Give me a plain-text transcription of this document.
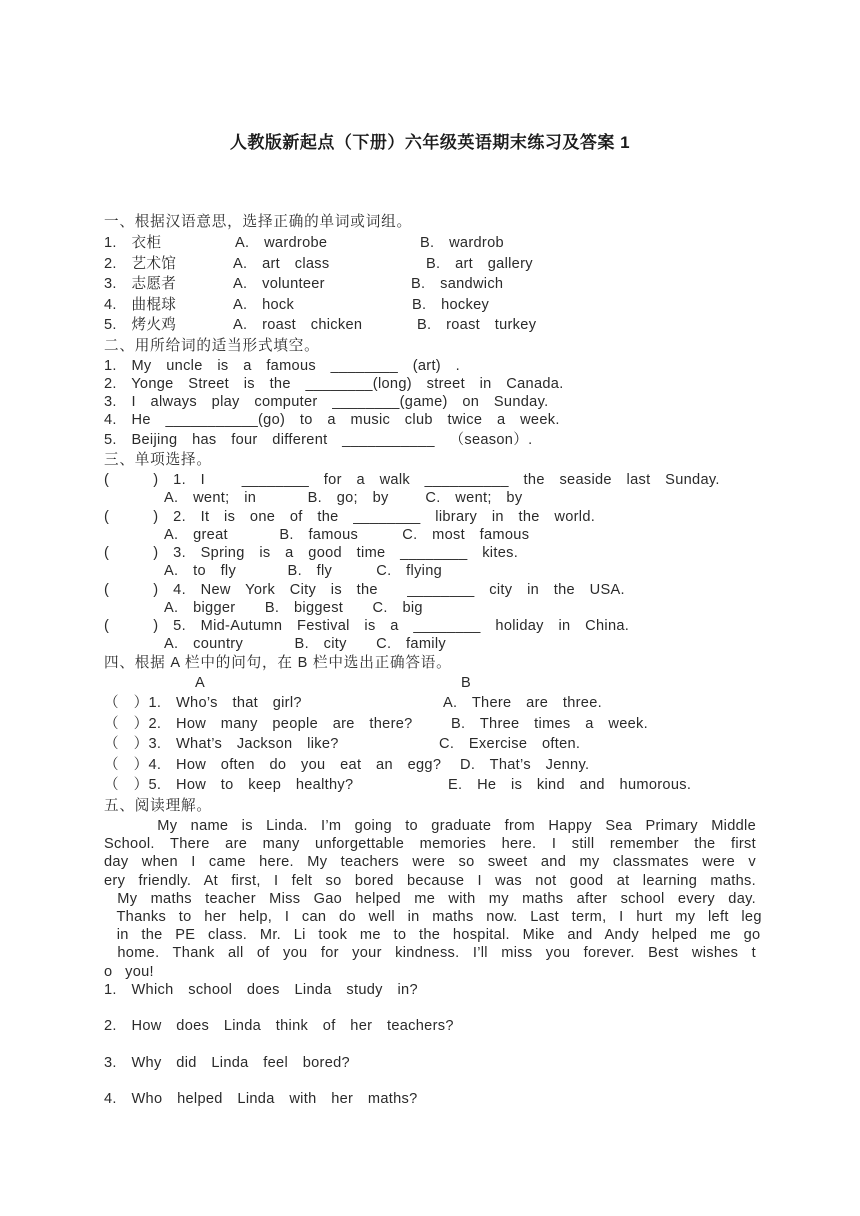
人教版新起点（下册）六年级英语期末练习及答案 1
一、根据汉语意思，选择正确的单词或词组。
1.  衣柜	A.  wardrobe	B.  wardrob
2.  艺术馆	A.  art  class	B.  art  gallery
3.  志愿者	A.  volunteer	B.  sandwich
4.  曲棍球	A.  hock	B.  hockey
5.  烤火鸡	A.  roast  chicken	B.  roast  turkey
二、用所给词的适当形式填空。
1.  My  uncle  is  a  famous  ________  (art)  .
2.  Yonge  Street  is  the  ________(long)  street  in  Canada.
3.  I  always  play  computer  ________(game)  on  Sunday.
4.  He  ___________(go)  to  a  music  club  twice  a  week.
5.  Beijing  has  four  different  ___________  （season）.
三、单项选择。
(      )  1.  I     ________  for  a  walk  __________  the  seaside  last  Sunday.
A.  went;  in       B.  go;  by     C.  went;  by
(      )  2.  It  is  one  of  the  ________  library  in  the  world.
A.  great       B.  famous      C.  most  famous
(      )  3.  Spring  is  a  good  time  ________  kites.
A.  to  fly       B.  fly      C.  flying
(      )  4.  New  York  City  is  the    ________  city  in  the  USA.
A.  bigger    B.  biggest    C.  big
(      )  5.  Mid-Autumn  Festival  is  a  ________  holiday  in  China.
A.  country       B.  city    C.  family
四、根据 A 栏中的问句，在 B 栏中选出正确答语。
A	B
（  ）1.  Who’s  that  girl?	A.  There  are  three.
（  ）2.  How  many  people  are  there?	B.  Three  times  a  week.
（  ）3.  What’s  Jackson  like?	C.  Exercise  often.
（  ）4.  How  often  do  you  eat  an  egg? D.  That’s  Jenny.
（  ）5.  How  to  keep  healthy?	E.  He  is  kind  and  humorous.
五、阅读理解。
My  name  is  Linda.  I’m  going  to  graduate  from  Happy  Sea  Primary  Middle
School.  There  are  many  unforgettable  memories  here.  I  still  remember  the  first
day  when  I  came  here.  My  teachers  were  so  sweet  and  my  classmates  were  v
ery  friendly.  At  first,  I  felt  so  bored  because  I  was  not  good  at  learning  maths.
My  maths  teacher  Miss  Gao  helped  me  with  my  maths  after  school  every  day.
Thanks  to  her  help,  I  can  do  well  in  maths  now.  Last  term,  I  hurt  my  left  leg
in  the  PE  class.  Mr.  Li  took  me  to  the  hospital.  Mike  and  Andy  helped  me  go
home.  Thank  all  of  you  for  your  kindness.  I’ll  miss  you  forever.  Best  wishes  t
o  you!
1.  Which  school  does  Linda  study  in?
2.  How  does  Linda  think  of  her  teachers?
3.  Why  did  Linda  feel  bored?
4.  Who  helped  Linda  with  her  maths?
